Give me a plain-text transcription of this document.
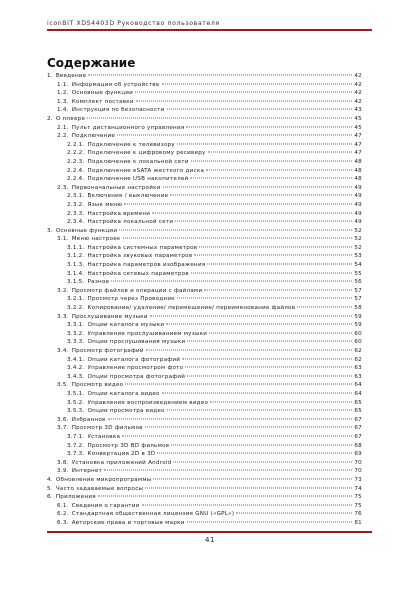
iconBIT XDS4403D Руководство пользователя
Содержание
1. Введение	42
1.1. Информация об устройстве	42
1.2. Основные функции	42
1.3. Комплект поставки	42
1.4. Инструкция по безопасности	43
2. О плеере	45
2.1. Пульт дистанционного управления	45
2.2. Подключение	47
2.2.1. Подключение к телевизору	47
2.2.2. Подключение к цифровому ресиверу	47
2.2.3. Подключение к локальной сети	48
2.2.4. Подключение eSATA жесткого диска	48
2.2.4. Подключение USB накопителей	48
2.3. Первоначальные настройки	49
2.3.1. Включение / выключение	49
2.3.2. Язык меню	49
2.3.3. Настройка времени	49
2.3.4. Настройка локальной сети	49
3. Основные функции	52
3.1. Меню настроек	52
3.1.1. Настройка системных параметров	52
3.1.2. Настройка звуковых параметров	53
3.1.3. Настройка параметров изображения	54
3.1.4. Настройка сетевых параметров	55
3.1.5. Разное	56
3.2. Просмотр файлов и операции с файлами	57
3.2.1. Просмотр через Проводник	57
3.2.2. Копирование/ удаление/ перемещение/ переименование файлов	58
3.3. Прослушивание музыки	59
3.3.1. Опции каталога музыки	59
3.3.2. Управление прослушиванием музыки	60
3.3.3. Опции прослушивания музыки	60
3.4. Просмотр фотографий	62
3.4.1. Опции каталога фотографий	62
3.4.2. Управление просмотром фото	63
3.4.3. Опции просмотра фотографий	63
3.5. Просмотр видео	64
3.5.1. Опции каталога видео	64
3.5.2. Управление воспроизведением видео	65
3.5.3. Опции просмотра видео	65
3.6. Избранное	67
3.7. Просмотр 3D фильмов	67
3.7.1. Установка	67
3.7.2. Просмотр 3D BD фильмов	68
3.7.3. Конвертация 2D в 3D	69
3.8. Установка приложений Android	70
3.9. Интернет	70
4. Обновление микропрограммы	73
5. Часто задаваемые вопросы	74
6. Приложения	75
6.1. Сведения о гарантии	75
6.2. Стандартная общественная лицензия GNU («GPL»)	76
6.3. Авторские права и торговые марки	81
41
